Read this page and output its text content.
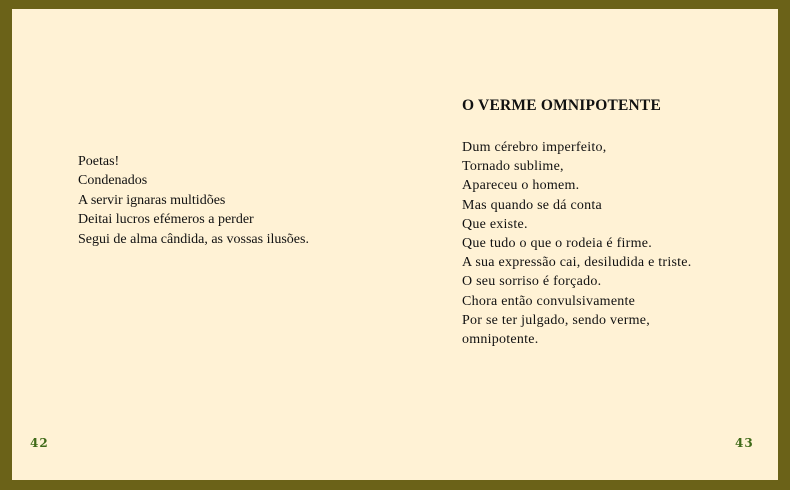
Poetas!
Condenados
A servir ignaras multidões
Deitai lucros efémeros a perder
Segui de alma cândida, as vossas ilusões.
O VERME OMNIPOTENTE
Dum cérebro imperfeito,
Tornado sublime,
Apareceu o homem.
Mas quando se dá conta
Que existe.
Que tudo o que o rodeia é firme.
A sua expressão cai, desiludida e triste.
O seu sorriso é forçado.
Chora então convulsivamente
Por se ter julgado, sendo verme,
omnipotente.
42	43
